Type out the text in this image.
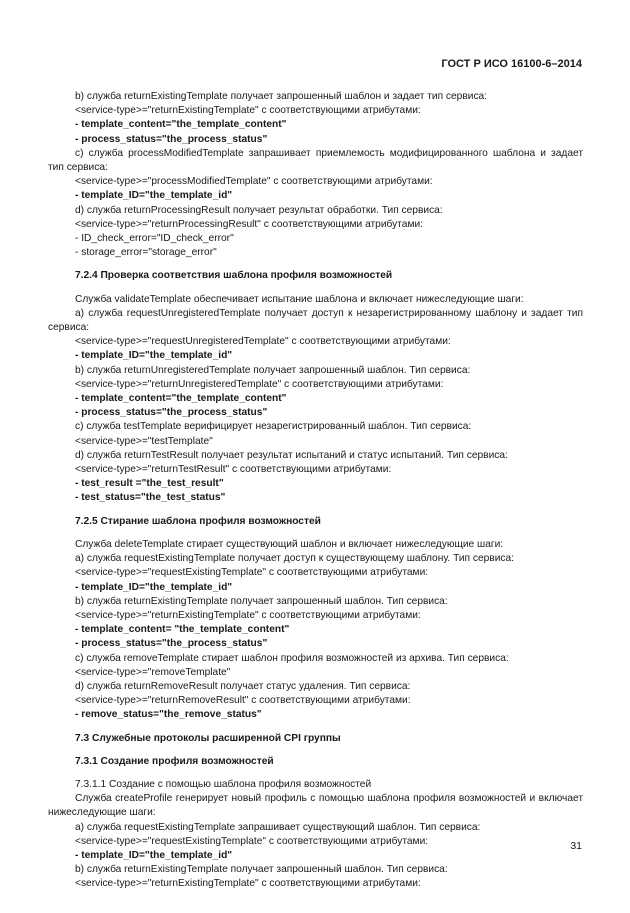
ГОСТ Р ИСО 16100-6–2014
b) служба returnExistingTemplate получает запрошенный шаблон и задает тип сервиса:
<service-type>="returnExistingTemplate" с соответствующими атрибутами:
- template_content="the_template_content"
- process_status="the_process_status"
c) служба processModifiedTemplate запрашивает приемлемость модифицированного шаблона и задает тип сервиса:
<service-type>="processModifiedTemplate" с соответствующими атрибутами:
- template_ID="the_template_id"
d) служба returnProcessingResult получает результат обработки. Тип сервиса:
<service-type>="returnProcessingResult" с соответствующими атрибутами:
- ID_check_error="ID_check_error"
- storage_error="storage_error"
7.2.4 Проверка соответствия шаблона профиля возможностей
Служба validateTemplate обеспечивает испытание шаблона и включает нижеследующие шаги:
a) служба requestUnregisteredTemplate получает доступ к незарегистрированному шаблону и задает тип сервиса:
<service-type>="requestUnregisteredTemplate" с соответствующими атрибутами:
- template_ID="the_template_id"
b) служба returnUnregisteredTemplate получает запрошенный шаблон. Тип сервиса:
<service-type>="returnUnregisteredTemplate" с соответствующими атрибутами:
- template_content="the_template_content"
- process_status="the_process_status"
c) служба testTemplate верифицирует незарегистрированный шаблон. Тип сервиса:
<service-type>="testTemplate"
d) служба returnTestResult получает результат испытаний и статус испытаний. Тип сервиса:
<service-type>="returnTestResult" с соответствующими атрибутами:
- test_result ="the_test_result"
- test_status="the_test_status"
7.2.5 Стирание шаблона профиля возможностей
Служба deleteTemplate стирает существующий шаблон и включает нижеследующие шаги:
a) служба requestExistingTemplate получает доступ к существующему шаблону. Тип сервиса:
<service-type>="requestExistingTemplate" с соответствующими атрибутами:
- template_ID="the_template_id"
b) служба returnExistingTemplate получает запрошенный шаблон. Тип сервиса:
<service-type>="returnExistingTemplate" с соответствующими атрибутами:
- template_content= "the_template_content"
- process_status="the_process_status"
c) служба removeTemplate стирает шаблон профиля возможностей из архива. Тип сервиса:
<service-type>="removeTemplate"
d) служба returnRemoveResult получает статус удаления. Тип сервиса:
<service-type>="returnRemoveResult" с соответствующими атрибутами:
- remove_status="the_remove_status"
7.3 Служебные протоколы расширенной CPI группы
7.3.1 Создание профиля возможностей
7.3.1.1 Создание с помощью шаблона профиля возможностей
Служба createProfile генерирует новый профиль с помощью шаблона профиля возможностей и включает нижеследующие шаги:
a) служба requestExistingTemplate запрашивает существующий шаблон. Тип сервиса:
<service-type>="requestExistingTemplate" с соответствующими атрибутами:
- template_ID="the_template_id"
b) служба returnExistingTemplate получает запрошенный шаблон. Тип сервиса:
<service-type>="returnExistingTemplate" с соответствующими атрибутами:
31
